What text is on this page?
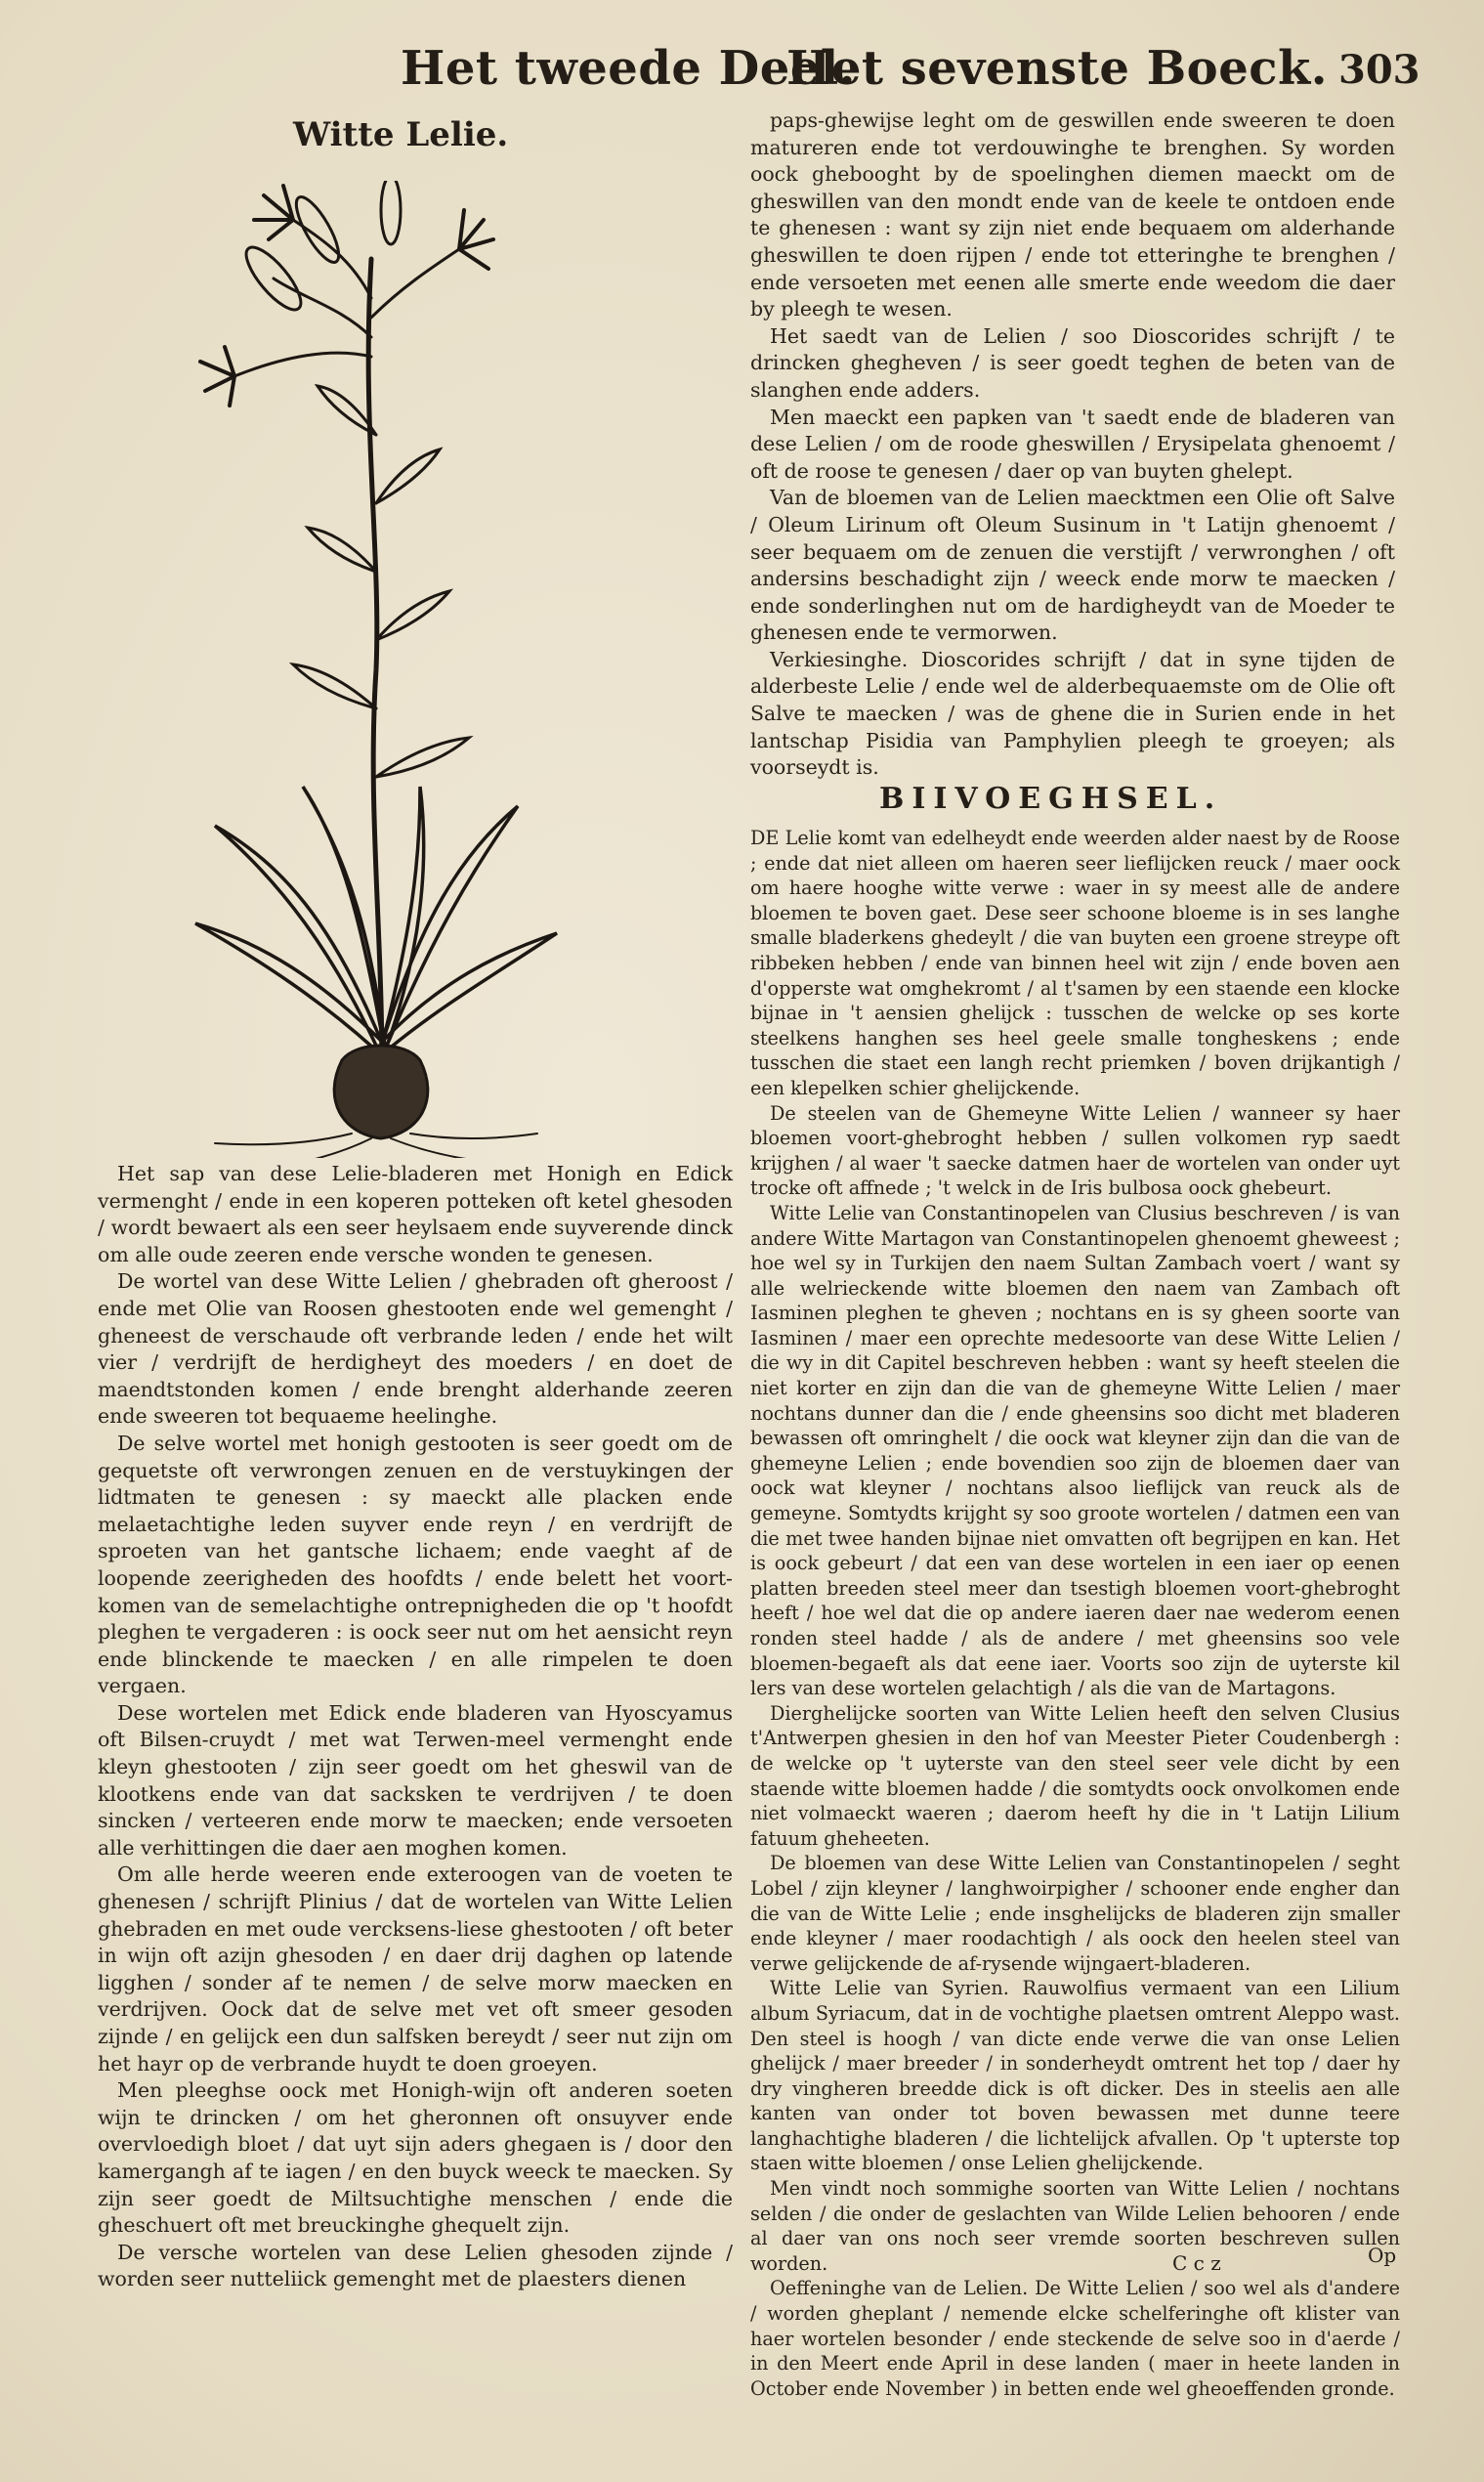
Het tweede Deel.
Het sevenste Boeck. 303
Witte Lelie.

Het sap van dese Lelie-bladeren met Honigh en Edick vermenght / ende in een koperen potteken oft ketel ghesoden / wordt bewaert als een seer heylsaem ende suyverende dinck om alle oude zeeren ende versche wonden te genesen.

De wortel van dese Witte Lelien / ghebraden oft gheroost / ende met Olie van Roosen ghestooten ende wel gemenght / gheneest de verschaude oft verbrande leden / ende het wilt vier / verdrijft de herdigheyt des moeders / en doet de maendtstonden komen / ende brenght alderhande zeeren ende sweeren tot bequaeme heelinghe.

De selve wortel met honigh gestooten is seer goedt om de gequetste oft verwrongen zenuen en de verstuykingen der lidtmaten te genesen : sy maeckt alle placken ende melaetachtighe leden suyver ende reyn / en verdrijft de sproeten van het gantsche lichaem; ende vaeght af de loopende zeerigheden des hoofdts / ende belett het voort-komen van de semelachtighe ontrepnigheden die op 't hoofdt pleghen te vergaderen : is oock seer nut om het aensicht reyn ende blinckende te maecken / en alle rimpelen te doen vergaen.

Dese wortelen met Edick ende bladeren van Hyoscyamus oft Bilsen-cruydt / met wat Terwen-meel vermenght ende kleyn ghestooten / zijn seer goedt om het gheswil van de klootkens ende van dat sacksken te verdrijven / te doen sincken / verteeren ende morw te maecken; ende versoeten alle verhittingen die daer aen moghen komen.

Om alle herde weeren ende exteroogen van de voeten te ghenesen / schrijft Plinius / dat de wortelen van Witte Lelien ghebraden en met oude vercksens-liese ghestooten / oft beter in wijn oft azijn ghesoden / en daer drij daghen op latende ligghen / sonder af te nemen / de selve morw maecken en verdrijven. Oock dat de selve met vet oft smeer gesoden zijnde / en gelijck een dun salfsken bereydt / seer nut zijn om het hayr op de verbrande huydt te doen groeyen.

Men pleeghse oock met Honigh-wijn oft anderen soeten wijn te drincken / om het gheronnen oft onsuyver ende overvloedigh bloet / dat uyt sijn aders ghegaen is / door den kamergangh af te iagen / en den buyck weeck te maecken. Sy zijn seer goedt de Miltsuchtighe menschen / ende die gheschuert oft met breuckinghe ghequelt zijn.

De versche wortelen van dese Lelien ghesoden zijnde / worden seer nutteliick gemenght met de plaesters dienen

paps-ghewijse leght om de geswillen ende sweeren te doen matureren ende tot verdouwinghe te brenghen. Sy worden oock ghebooght by de spoelinghen diemen maeckt om de gheswillen van den mondt ende van de keele te ontdoen ende te ghenesen : want sy zijn niet ende bequaem om alderhande gheswillen te doen rijpen / ende tot etteringhe te brenghen / ende versoeten met eenen alle smerte ende weedom die daer by pleegh te wesen.

Het saedt van de Lelien / soo Dioscorides schrijft / te drincken ghegheven / is seer goedt teghen de beten van de slanghen ende adders.

Men maeckt een papken van 't saedt ende de bladeren van dese Lelien / om de roode gheswillen / Erysipelata ghenoemt / oft de roose te genesen / daer op van buyten ghelept.

Van de bloemen van de Lelien maecktmen een Olie oft Salve / Oleum Lirinum oft Oleum Susinum in 't Latijn ghenoemt / seer bequaem om de zenuen die verstijft / verwronghen / oft andersins beschadight zijn / weeck ende morw te maecken / ende sonderlinghen nut om de hardigheydt van de Moeder te ghenesen ende te vermorwen.

Verkiesinghe. Dioscorides schrijft / dat in syne tijden de alderbeste Lelie / ende wel de alderbequaemste om de Olie oft Salve te maecken / was de ghene die in Surien ende in het lantschap Pisidia van Pamphylien pleegh te groeyen; als voorseydt is.

BIIVOEGHSEL.

DE Lelie komt van edelheydt ende weerden alder naest by de Roose ; ende dat niet alleen om haeren seer lieflijcken reuck / maer oock om haere hooghe witte verwe : waer in sy meest alle de andere bloemen te boven gaet. Dese seer schoone bloeme is in ses langhe smalle bladerkens ghedeylt / die van buyten een groene streype oft ribbeken hebben / ende van binnen heel wit zijn / ende boven aen d'opperste wat omghekromt / al t'samen by een staende een klocke bijnae in 't aensien ghelijck : tusschen de welcke op ses korte steelkens hanghen ses heel geele smalle tongheskens ; ende tusschen die staet een langh recht priemken / boven drijkantigh / een klepelken schier ghelijckende.

De steelen van de Ghemeyne Witte Lelien / wanneer sy haer bloemen voort-ghebroght hebben / sullen volkomen ryp saedt krijghen / al waer 't saecke datmen haer de wortelen van onder uyt trocke oft affnede ; 't welck in de Iris bulbosa oock ghebeurt.

Witte Lelie van Constantinopelen van Clusius beschreven / is van andere Witte Martagon van Constantinopelen ghenoemt gheweest ; hoe wel sy in Turkijen den naem Sultan Zambach voert / want sy alle welrieckende witte bloemen den naem van Zambach oft Iasminen pleghen te gheven ; nochtans en is sy gheen soorte van Iasminen / maer een oprechte medesoorte van dese Witte Lelien / die wy in dit Capitel beschreven hebben : want sy heeft steelen die niet korter en zijn dan die van de ghemeyne Witte Lelien / maer nochtans dunner dan die / ende gheensins soo dicht met bladeren bewassen oft omringhelt / die oock wat kleyner zijn dan die van de ghemeyne Lelien ; ende bovendien soo zijn de bloemen daer van oock wat kleyner / nochtans alsoo lieflijck van reuck als de gemeyne. Somtydts krijght sy soo groote wortelen / datmen een van die met twee handen bijnae niet omvatten oft begrijpen en kan. Het is oock gebeurt / dat een van dese wortelen in een iaer op eenen platten breeden steel meer dan tsestigh bloemen voort-ghebroght heeft / hoe wel dat die op andere iaeren daer nae wederom eenen ronden steel hadde / als de andere / met gheensins soo vele bloemen-begaeft als dat eene iaer. Voorts soo zijn de uyterste kil lers van dese wortelen gelachtigh / als die van de Martagons.

Dierghelijcke soorten van Witte Lelien heeft den selven Clusius t'Antwerpen ghesien in den hof van Meester Pieter Coudenbergh : de welcke op 't uyterste van den steel seer vele dicht by een staende witte bloemen hadde / die somtydts oock onvolkomen ende niet volmaeckt waeren ; daerom heeft hy die in 't Latijn Lilium fatuum gheheeten.

De bloemen van dese Witte Lelien van Constantinopelen / seght Lobel / zijn kleyner / langhwoirpigher / schooner ende engher dan die van de Witte Lelie ; ende insghelijcks de bladeren zijn smaller ende kleyner / maer roodachtigh / als oock den heelen steel van verwe gelijckende de af-rysende wijngaert-bladeren.

Witte Lelie van Syrien. Rauwolfius vermaent van een Lilium album Syriacum, dat in de vochtighe plaetsen omtrent Aleppo wast. Den steel is hoogh / van dicte ende verwe die van onse Lelien ghelijck / maer breeder / in sonderheydt omtrent het top / daer hy dry vingheren breedde dick is oft dicker. Des in steelis aen alle kanten van onder tot boven bewassen met dunne teere langhachtighe bladeren / die lichtelijck afvallen. Op 't upterste top staen witte bloemen / onse Lelien ghelijckende.

Men vindt noch sommighe soorten van Witte Lelien / nochtans selden / die onder de geslachten van Wilde Lelien behooren / ende al daer van ons noch seer vremde soorten beschreven sullen worden.

Oeffeninghe van de Lelien. De Witte Lelien / soo wel als d'andere / worden gheplant / nemende elcke schelferinghe oft klister van haer wortelen besonder / ende steckende de selve soo in d'aerde / in den Meert ende April in dese landen ( maer in heete landen in October ende November ) in betten ende wel gheoeffenden gronde.

C c z	Op
